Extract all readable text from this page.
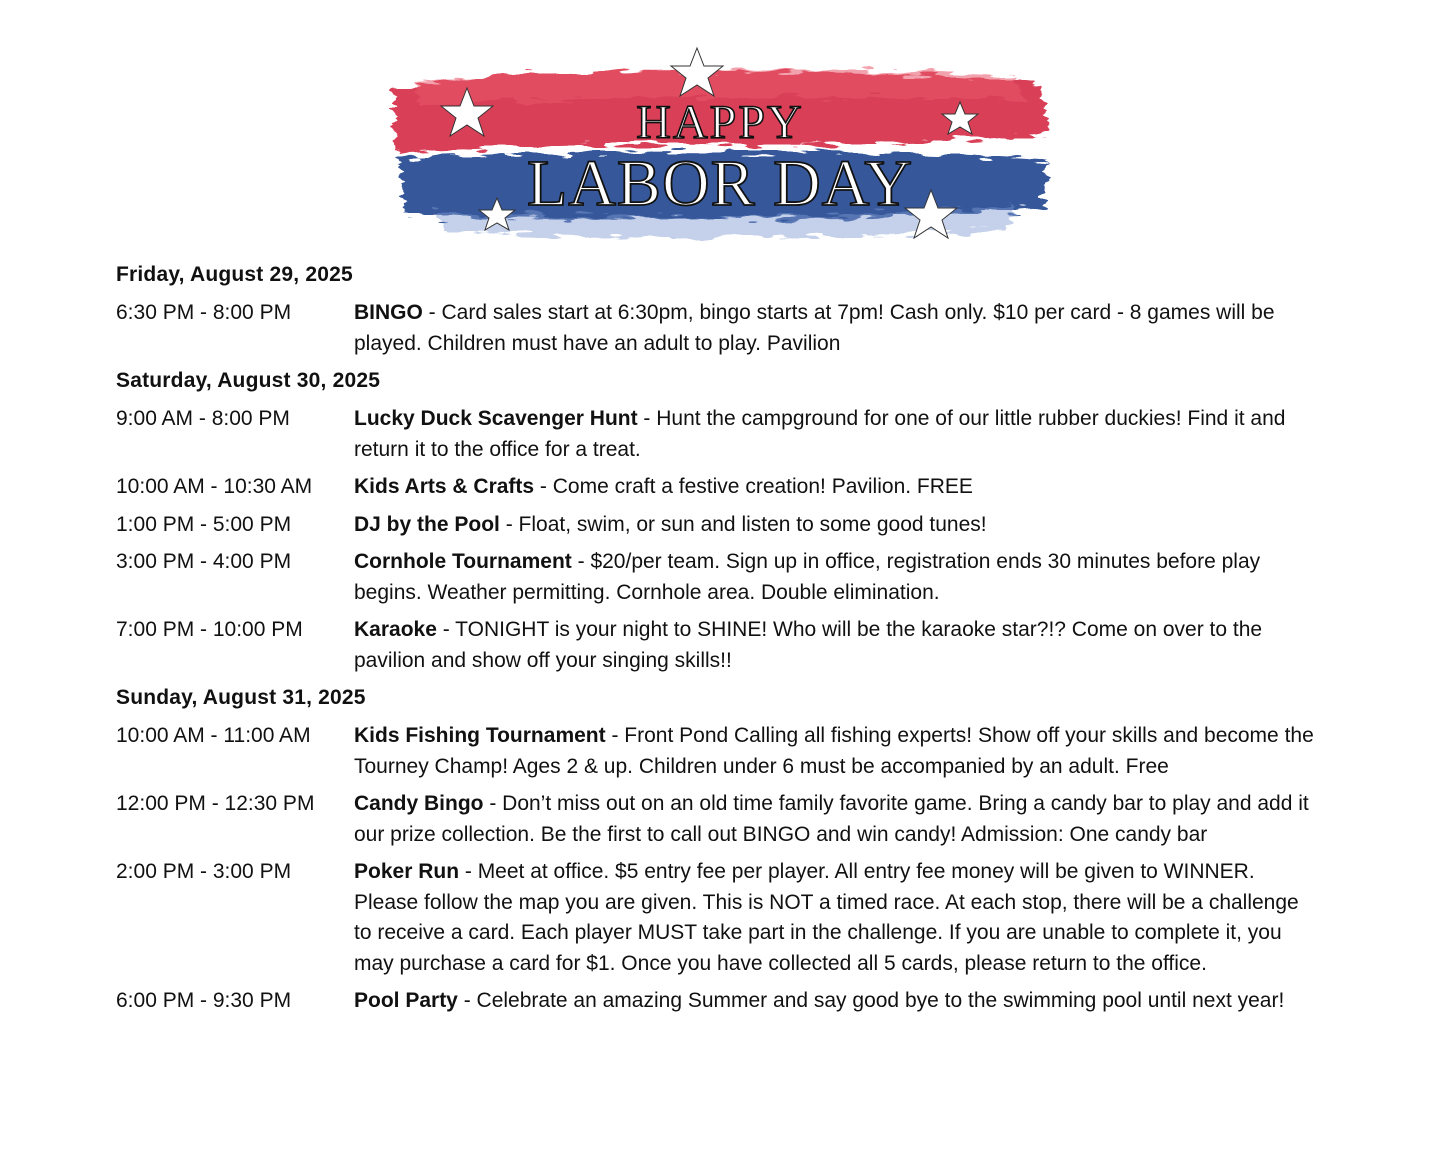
HAPPY
LABOR DAY
Friday, August 29, 2025
6:30 PM - 8:00 PM	BINGO - Card sales start at 6:30pm, bingo starts at 7pm! Cash only. $10 per card - 8 games will be played. Children must have an adult to play. Pavilion
Saturday, August 30, 2025
9:00 AM - 8:00 PM	Lucky Duck Scavenger Hunt - Hunt the campground for one of our little rubber duckies! Find it and return it to the office for a treat.
10:00 AM - 10:30 AM	Kids Arts & Crafts - Come craft a festive creation! Pavilion. FREE
1:00 PM - 5:00 PM	DJ by the Pool - Float, swim, or sun and listen to some good tunes!
3:00 PM - 4:00 PM	Cornhole Tournament - $20/per team. Sign up in office, registration ends 30 minutes before play begins. Weather permitting. Cornhole area. Double elimination.
7:00 PM - 10:00 PM	Karaoke - TONIGHT is your night to SHINE! Who will be the karaoke star?!? Come on over to the pavilion and show off your singing skills!!
Sunday, August 31, 2025
10:00 AM - 11:00 AM	Kids Fishing Tournament - Front Pond Calling all fishing experts! Show off your skills and become the Tourney Champ! Ages 2 & up. Children under 6 must be accompanied by an adult. Free
12:00 PM - 12:30 PM	Candy Bingo - Don’t miss out on an old time family favorite game. Bring a candy bar to play and add it our prize collection. Be the first to call out BINGO and win candy! Admission: One candy bar
2:00 PM - 3:00 PM	Poker Run - Meet at office. $5 entry fee per player. All entry fee money will be given to WINNER. Please follow the map you are given. This is NOT a timed race. At each stop, there will be a challenge to receive a card. Each player MUST take part in the challenge. If you are unable to complete it, you may purchase a card for $1. Once you have collected all 5 cards, please return to the office.
6:00 PM - 9:30 PM	Pool Party - Celebrate an amazing Summer and say good bye to the swimming pool until next year!
